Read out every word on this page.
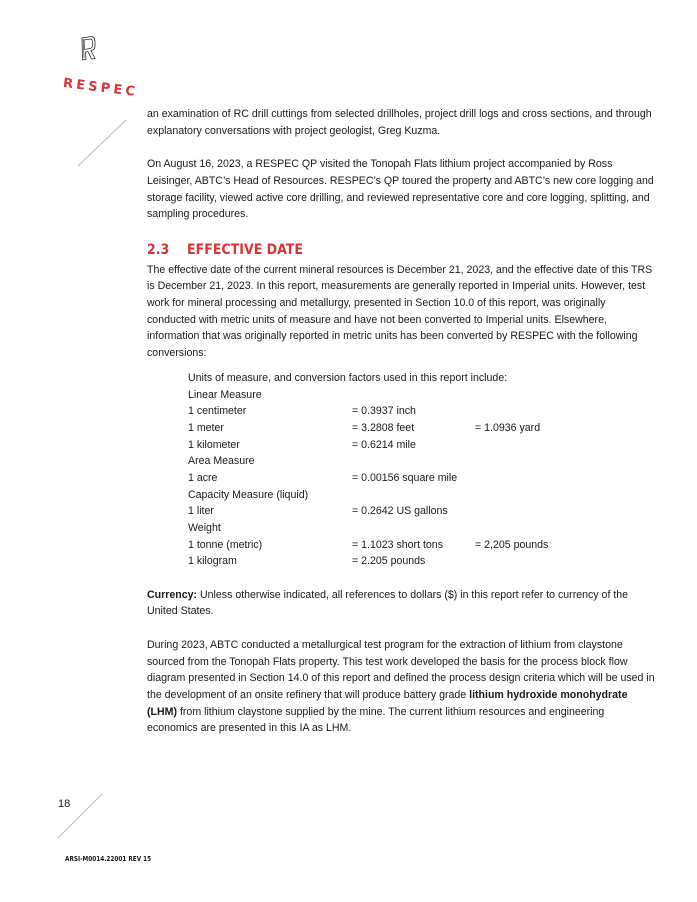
RESPEC

an examination of RC drill cuttings from selected drillholes, project drill logs and cross sections, and through explanatory conversations with project geologist, Greg Kuzma.

On August 16, 2023, a RESPEC QP visited the Tonopah Flats lithium project accompanied by Ross Leisinger, ABTC’s Head of Resources. RESPEC’s QP toured the property and ABTC’s new core logging and storage facility, viewed active core drilling, and reviewed representative core and core logging, splitting, and sampling procedures.

2.3 EFFECTIVE DATE

The effective date of the current mineral resources is December 21, 2023, and the effective date of this TRS is December 21, 2023. In this report, measurements are generally reported in Imperial units. However, test work for mineral processing and metallurgy, presented in Section 10.0 of this report, was originally conducted with metric units of measure and have not been converted to Imperial units. Elsewhere, information that was originally reported in metric units has been converted by RESPEC with the following conversions:

Units of measure, and conversion factors used in this report include:
Linear Measure
1 centimeter	= 0.3937 inch
1 meter	= 3.2808 feet	= 1.0936 yard
1 kilometer	= 0.6214 mile
Area Measure
1 acre	= 0.00156 square mile
Capacity Measure (liquid)
1 liter	= 0.2642 US gallons
Weight
1 tonne (metric)	= 1.1023 short tons	= 2,205 pounds
1 kilogram	= 2.205 pounds

Currency: Unless otherwise indicated, all references to dollars ($) in this report refer to currency of the United States.

During 2023, ABTC conducted a metallurgical test program for the extraction of lithium from claystone sourced from the Tonopah Flats property. This test work developed the basis for the process block flow diagram presented in Section 14.0 of this report and defined the process design criteria which will be used in the development of an onsite refinery that will produce battery grade lithium hydroxide monohydrate (LHM) from lithium claystone supplied by the mine. The current lithium resources and engineering economics are presented in this IA as LHM.

18
ARSI-M0014.22001 REV 15
